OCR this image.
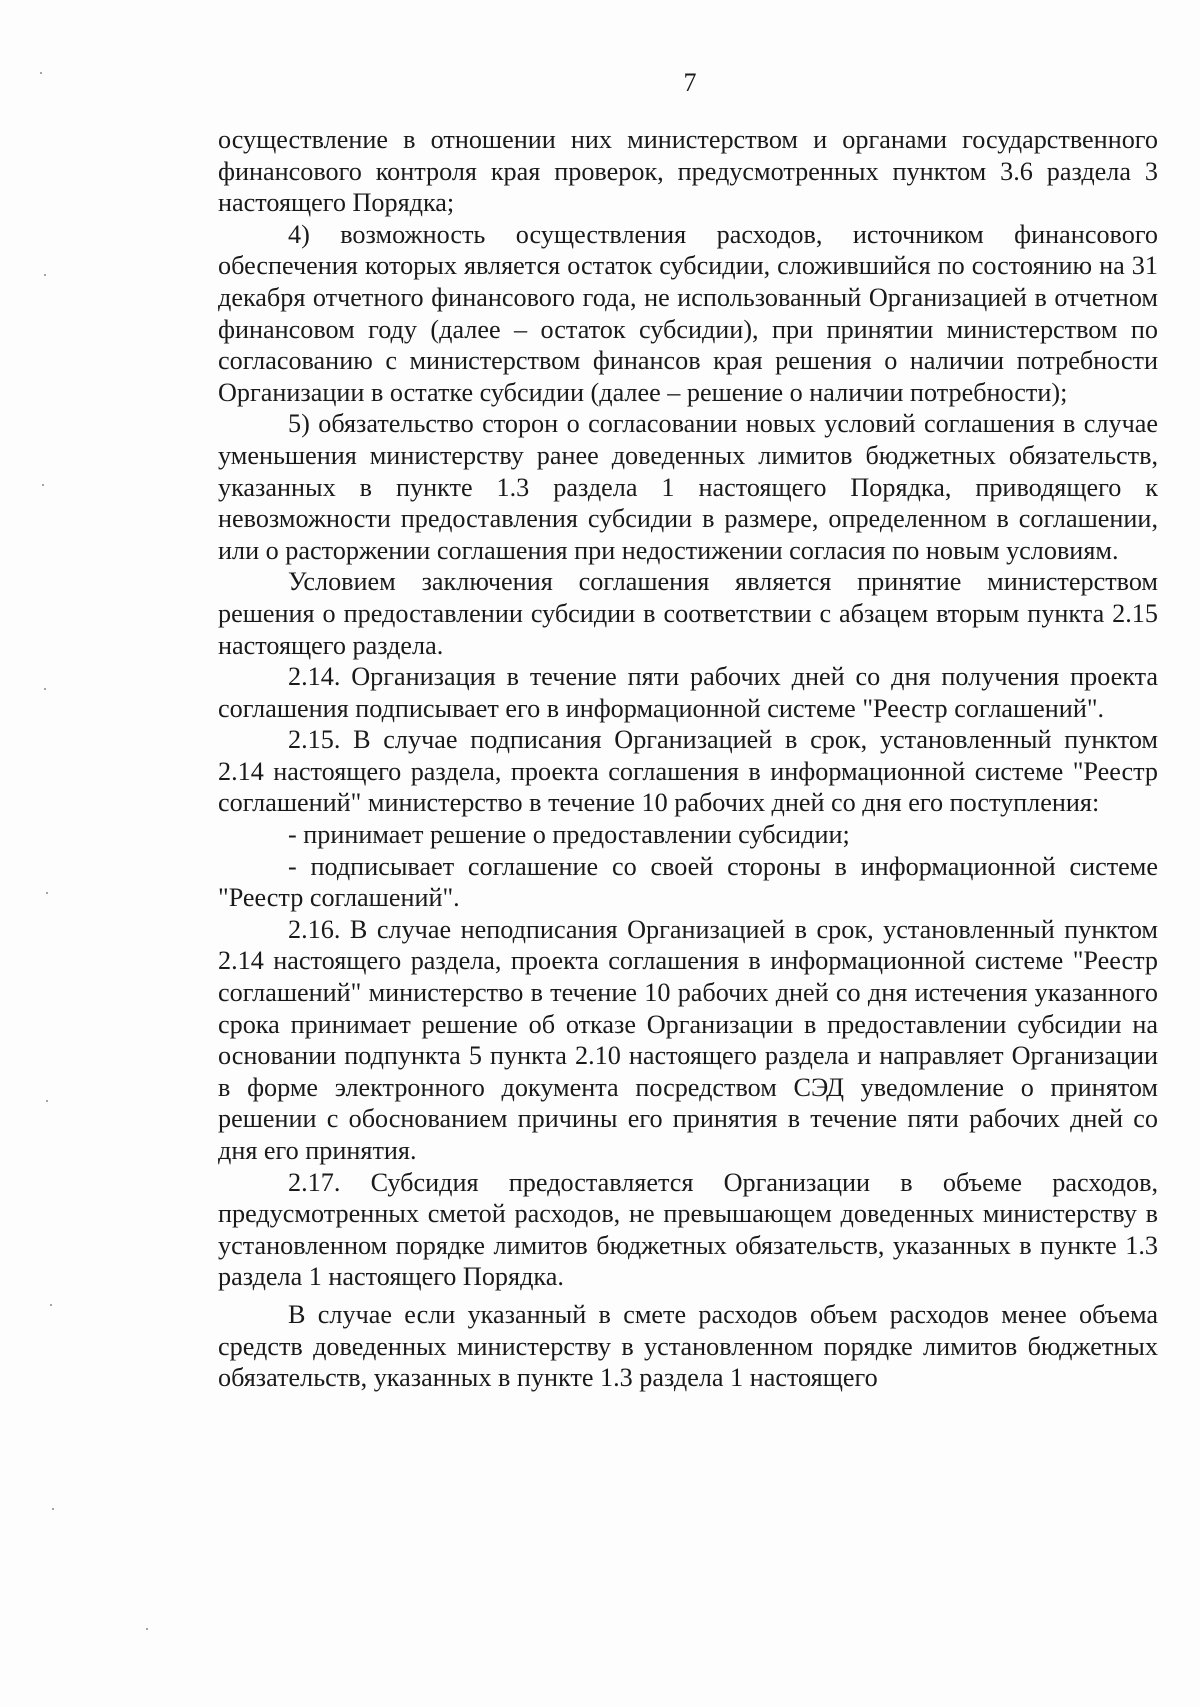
7

осуществление в отношении них министерством и органами государственного финансового контроля края проверок, предусмотренных пунктом 3.6 раздела 3 настоящего Порядка;

4) возможность осуществления расходов, источником финансового обеспечения которых является остаток субсидии, сложившийся по состоянию на 31 декабря отчетного финансового года, не использованный Организацией в отчетном финансовом году (далее – остаток субсидии), при принятии министерством по согласованию с министерством финансов края решения о наличии потребности Организации в остатке субсидии (далее – решение о наличии потребности);

5) обязательство сторон о согласовании новых условий соглашения в случае уменьшения министерству ранее доведенных лимитов бюджетных обязательств, указанных в пункте 1.3 раздела 1 настоящего Порядка, приводящего к невозможности предоставления субсидии в размере, определенном в соглашении, или о расторжении соглашения при недостижении согласия по новым условиям.

Условием заключения соглашения является принятие министерством решения о предоставлении субсидии в соответствии с абзацем вторым пункта 2.15 настоящего раздела.

2.14. Организация в течение пяти рабочих дней со дня получения проекта соглашения подписывает его в информационной системе "Реестр соглашений".

2.15. В случае подписания Организацией в срок, установленный пунктом 2.14 настоящего раздела, проекта соглашения в информационной системе "Реестр соглашений" министерство в течение 10 рабочих дней со дня его поступления:

- принимает решение о предоставлении субсидии;

- подписывает соглашение со своей стороны в информационной системе "Реестр соглашений".

2.16. В случае неподписания Организацией в срок, установленный пунктом 2.14 настоящего раздела, проекта соглашения в информационной системе "Реестр соглашений" министерство в течение 10 рабочих дней со дня истечения указанного срока принимает решение об отказе Организации в предоставлении субсидии на основании подпункта 5 пункта 2.10 настоящего раздела и направляет Организации в форме электронного документа посредством СЭД уведомление о принятом решении с обоснованием причины его принятия в течение пяти рабочих дней со дня его принятия.

2.17. Субсидия предоставляется Организации в объеме расходов, предусмотренных сметой расходов, не превышающем доведенных министерству в установленном порядке лимитов бюджетных обязательств, указанных в пункте 1.3 раздела 1 настоящего Порядка.

В случае если указанный в смете расходов объем расходов менее объема средств доведенных министерству в установленном порядке лимитов бюджетных обязательств, указанных в пункте 1.3 раздела 1 настоящего
